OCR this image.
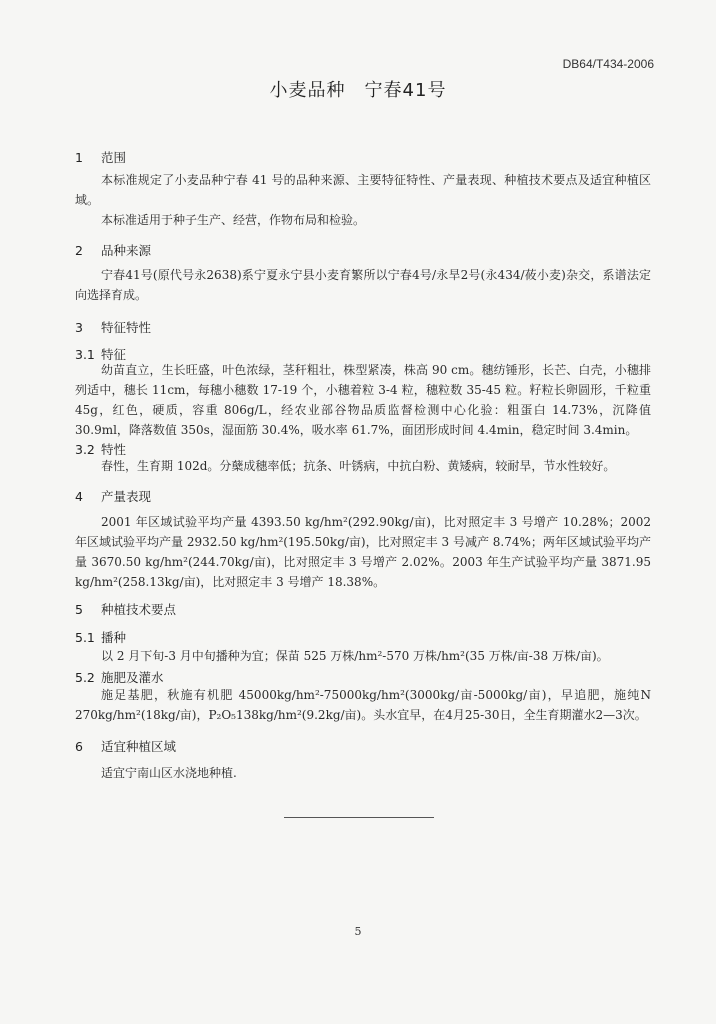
DB64/T434-2006
小麦品种　宁春41号
1 范围
本标准规定了小麦品种宁春 41 号的品种来源、主要特征特性、产量表现、种植技术要点及适宜种植区域。
本标准适用于种子生产、经营，作物布局和检验。
2 品种来源
宁春41号(原代号永2638)系宁夏永宁县小麦育繁所以宁春4号/永旱2号(永434/莜小麦)杂交，系谱法定向选择育成。
3 特征特性
3.1 特征
幼苗直立，生长旺盛，叶色浓绿，茎秆粗壮，株型紧凑，株高 90 cm。穗纺锤形，长芒、白壳，小穗排列适中，穗长 11cm，每穗小穗数 17-19 个，小穗着粒 3-4 粒，穗粒数 35-45 粒。籽粒长卵圆形，千粒重 45g，红色，硬质，容重 806g/L，经农业部谷物品质监督检测中心化验：粗蛋白 14.73%，沉降值 30.9ml，降落数值 350s，湿面筋 30.4%，吸水率 61.7%，面团形成时间 4.4min，稳定时间 3.4min。
3.2 特性
春性，生育期 102d。分蘖成穗率低；抗条、叶锈病，中抗白粉、黄矮病，较耐旱，节水性较好。
4 产量表现
2001 年区域试验平均产量 4393.50 kg/hm²(292.90kg/亩)，比对照定丰 3 号增产 10.28%；2002 年区域试验平均产量 2932.50 kg/hm²(195.50kg/亩)，比对照定丰 3 号减产 8.74%；两年区域试验平均产量 3670.50 kg/hm²(244.70kg/亩)，比对照定丰 3 号增产 2.02%。2003 年生产试验平均产量 3871.95 kg/hm²(258.13kg/亩)，比对照定丰 3 号增产 18.38%。
5 种植技术要点
5.1 播种
以 2 月下旬-3 月中旬播种为宜；保苗 525 万株/hm²-570 万株/hm²(35 万株/亩-38 万株/亩)。
5.2 施肥及灌水
施足基肥，秋施有机肥 45000kg/hm²-75000kg/hm²(3000kg/亩-5000kg/亩)，早追肥，施纯N 270kg/hm²(18kg/亩)，P₂O₅138kg/hm²(9.2kg/亩)。头水宜早，在4月25-30日，全生育期灌水2—3次。
6 适宜种植区域
适宜宁南山区水浇地种植.
5
